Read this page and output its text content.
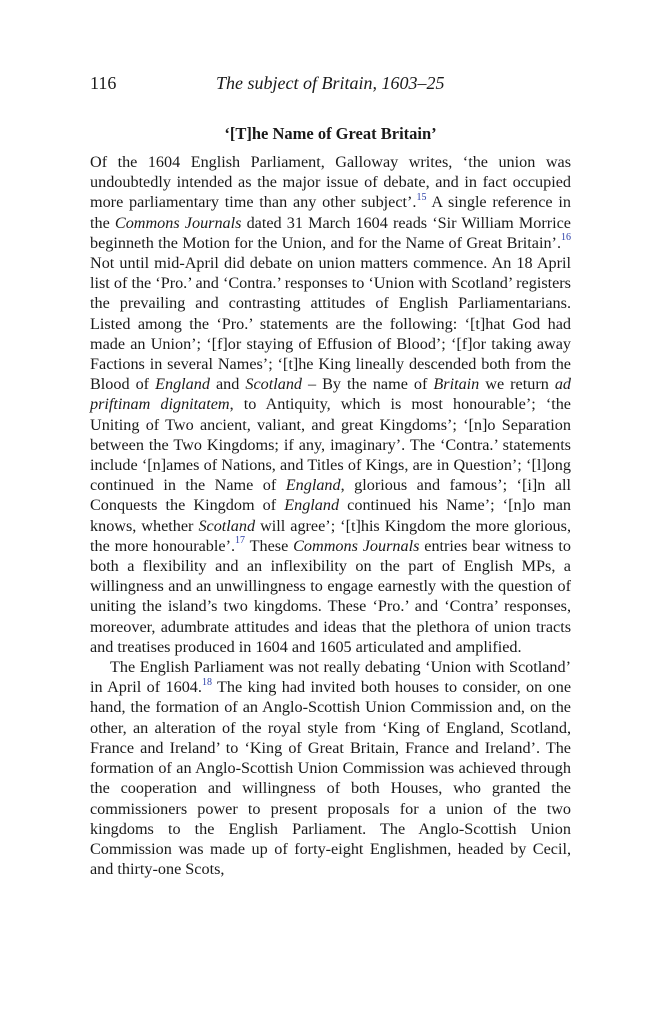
116	The subject of Britain, 1603–25
‘[T]he Name of Great Britain’

Of the 1604 English Parliament, Galloway writes, ‘the union was undoubtedly intended as the major issue of debate, and in fact occupied more parliamentary time than any other subject’.$^{15}$ A single reference in the Commons Journals dated 31 March 1604 reads ‘Sir William Morrice beginneth the Motion for the Union, and for the Name of Great Britain’.$^{16}$ Not until mid-April did debate on union matters commence. An 18 April list of the ‘Pro.’ and ‘Contra.’ responses to ‘Union with Scotland’ registers the prevailing and contrasting attitudes of English Parliamentarians. Listed among the ‘Pro.’ statements are the following: ‘[t]hat God had made an Union’; ‘[f]or staying of Effusion of Blood’; ‘[f]or taking away Factions in several Names’; ‘[t]he King lineally descended both from the Blood of England and Scotland – By the name of Britain we return ad priftinam dignitatem, to Antiquity, which is most honourable’; ‘the Uniting of Two ancient, valiant, and great Kingdoms’; ‘[n]o Separation between the Two Kingdoms; if any, imaginary’. The ‘Contra.’ statements include ‘[n]ames of Nations, and Titles of Kings, are in Question’; ‘[l]ong continued in the Name of England, glorious and famous’; ‘[i]n all Conquests the Kingdom of England continued his Name’; ‘[n]o man knows, whether Scotland will agree’; ‘[t]his Kingdom the more glorious, the more honourable’.$^{17}$ These Commons Journals entries bear witness to both a flexibility and an inflexibility on the part of English MPs, a willingness and an unwillingness to engage earnestly with the question of uniting the island’s two kingdoms. These ‘Pro.’ and ‘Contra’ responses, moreover, adumbrate attitudes and ideas that the plethora of union tracts and treatises produced in 1604 and 1605 articulated and amplified.

The English Parliament was not really debating ‘Union with Scotland’ in April of 1604.18 The king had invited both houses to consider, on one hand, the formation of an Anglo-Scottish Union Commission and, on the other, an alteration of the royal style from ‘King of England, Scotland, France and Ireland’ to ‘King of Great Britain, France and Ireland’. The formation of an Anglo-Scottish Union Commission was achieved through the cooperation and willingness of both Houses, who granted the commissioners power to present proposals for a union of the two kingdoms to the English Parliament. The Anglo-Scottish Union Commission was made up of forty-eight Englishmen, headed by Cecil, and thirty-one Scots,
